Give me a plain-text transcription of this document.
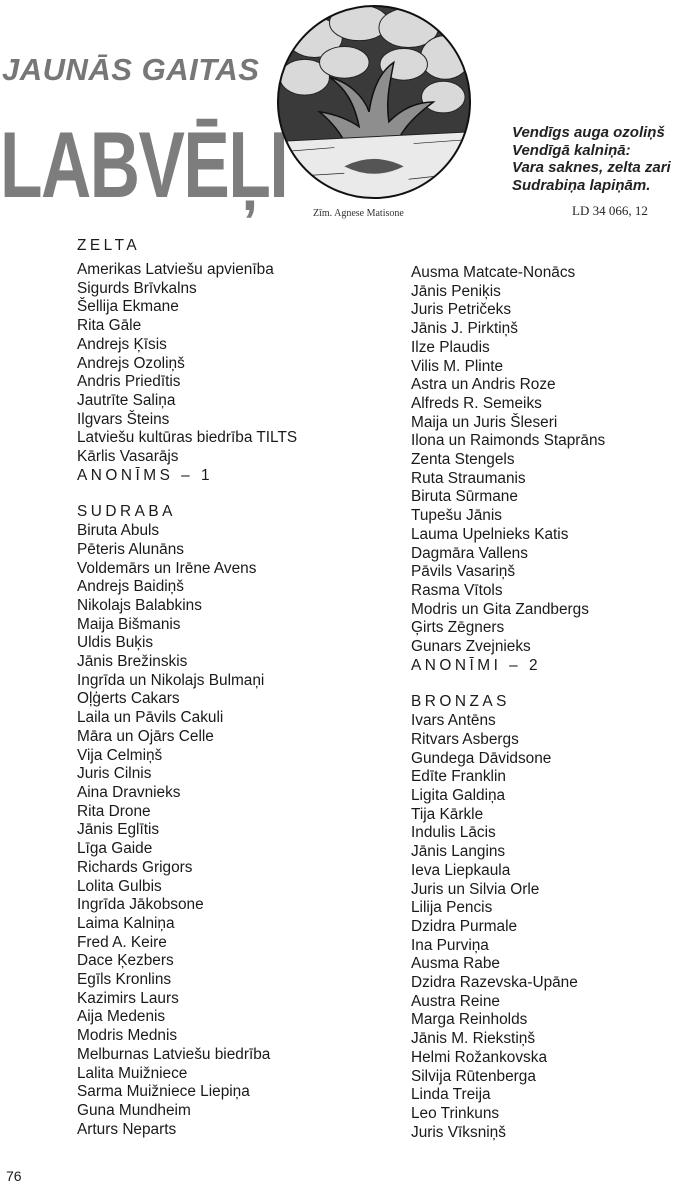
JAUNĀS GAITAS
LABVĒĻI	Zīm. Agnese Matisone
Vendīgs auga ozoliņš
Vendīgā kalniņā:
Vara saknes, zelta zari
Sudrabiņa lapiņām.
LD 34 066, 12
ZELTA
Amerikas Latviešu apvienība
Sigurds Brīvkalns
Šellija Ekmane
Rita Gāle
Andrejs Ķīsis
Andrejs Ozoliņš
Andris Priedītis
Jautrīte Saliņa
Ilgvars Šteins
Latviešu kultūras biedrība TILTS
Kārlis Vasarājs
ANONĪMS – 1
SUDRABA
Biruta Abuls
Pēteris Alunāns
Voldemārs un Irēne Avens
Andrejs Baidiņš
Nikolajs Balabkins
Maija Bišmanis
Uldis Buķis
Jānis Brežinskis
Ingrīda un Nikolajs Bulmaņi
Oļģerts Cakars
Laila un Pāvils Cakuli
Māra un Ojārs Celle
Vija Celmiņš
Juris Cilnis
Aina Dravnieks
Rita Drone
Jānis Eglītis
Līga Gaide
Richards Grigors
Lolita Gulbis
Ingrīda Jākobsone
Laima Kalniņa
Fred A. Keire
Dace Ķezbers
Egīls Kronlins
Kazimirs Laurs
Aija Medenis
Modris Mednis
Melburnas Latviešu biedrība
Lalita Muižniece
Sarma Muižniece Liepiņa
Guna Mundheim
Arturs Neparts
Ausma Matcate-Nonācs
Jānis Peniķis
Juris Petričeks
Jānis J. Pirktiņš
Ilze Plaudis
Vilis M. Plinte
Astra un Andris Roze
Alfreds R. Semeiks
Maija un Juris Šleseri
Ilona un Raimonds Staprāns
Zenta Stengels
Ruta Straumanis
Biruta Sūrmane
Tupešu Jānis
Lauma Upelnieks Katis
Dagmāra Vallens
Pāvils Vasariņš
Rasma Vītols
Modris un Gita Zandbergs
Ģirts Zēgners
Gunars Zvejnieks
ANONĪMI – 2
BRONZAS
Ivars Antēns
Ritvars Asbergs
Gundega Dāvidsone
Edīte Franklin
Ligita Galdiņa
Tija Kārkle
Indulis Lācis
Jānis Langins
Ieva Liepkaula
Juris un Silvia Orle
Lilija Pencis
Dzidra Purmale
Ina Purviņa
Ausma Rabe
Dzidra Razevska-Upāne
Austra Reine
Marga Reinholds
Jānis M. Riekstiņš
Helmi Rožankovska
Silvija Rūtenberga
Linda Treija
Leo Trinkuns
Juris Vīksniņš
76
